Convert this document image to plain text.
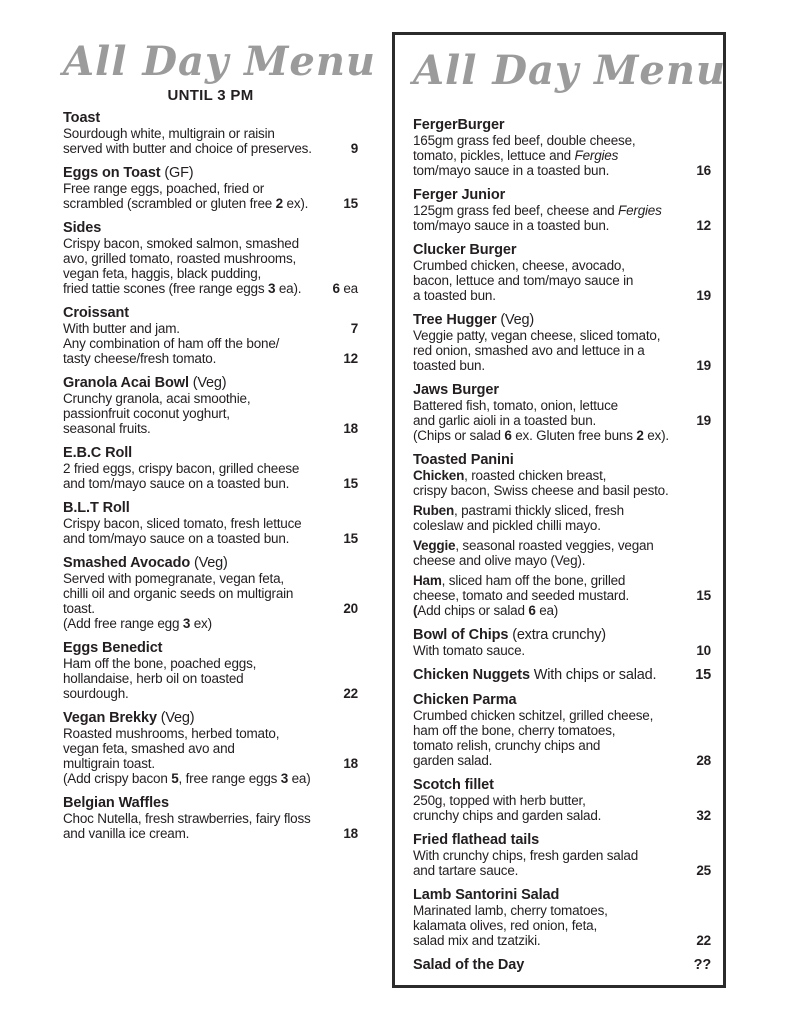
All Day Menu
UNTIL 3 PM
Toast
Sourdough white, multigrain or raisin
served with butter and choice of preserves.	9
Eggs on Toast (GF)
Free range eggs, poached, fried or
scrambled (scrambled or gluten free 2 ex).	15
Sides
Crispy bacon, smoked salmon, smashed
avo, grilled tomato, roasted mushrooms,
vegan feta, haggis, black pudding,
fried tattie scones (free range eggs 3 ea).	6 ea
Croissant
With butter and jam.	7
Any combination of ham off the bone/
tasty cheese/fresh tomato.	12
Granola Acai Bowl (Veg)
Crunchy granola, acai smoothie,
passionfruit coconut yoghurt,
seasonal fruits.	18
E.B.C Roll
2 fried eggs, crispy bacon, grilled cheese
and tom/mayo sauce on a toasted bun.	15
B.L.T Roll
Crispy bacon, sliced tomato, fresh lettuce
and tom/mayo sauce on a toasted bun.	15
Smashed Avocado (Veg)
Served with pomegranate, vegan feta,
chilli oil and organic seeds on multigrain
toast.	20
(Add free range egg 3 ex)
Eggs Benedict
Ham off the bone, poached eggs,
hollandaise, herb oil on toasted
sourdough.	22
Vegan Brekky (Veg)
Roasted mushrooms, herbed tomato,
vegan feta, smashed avo and
multigrain toast.	18
(Add crispy bacon 5, free range eggs 3 ea)
Belgian Waffles
Choc Nutella, fresh strawberries, fairy floss
and vanilla ice cream.	18
All Day Menu
FergerBurger
165gm grass fed beef, double cheese,
tomato, pickles, lettuce and Fergies
tom/mayo sauce in a toasted bun.	16
Ferger Junior
125gm grass fed beef, cheese and Fergies
tom/mayo sauce in a toasted bun.	12
Clucker Burger
Crumbed chicken, cheese, avocado,
bacon, lettuce and tom/mayo sauce in
a toasted bun.	19
Tree Hugger (Veg)
Veggie patty, vegan cheese, sliced tomato,
red onion, smashed avo and lettuce in a
toasted bun.	19
Jaws Burger
Battered fish, tomato, onion, lettuce
and garlic aioli in a toasted bun.	19
(Chips or salad 6 ex. Gluten free buns 2 ex).
Toasted Panini
Chicken, roasted chicken breast,
crispy bacon, Swiss cheese and basil pesto.
Ruben, pastrami thickly sliced, fresh
coleslaw and pickled chilli mayo.
Veggie, seasonal roasted veggies, vegan
cheese and olive mayo (Veg).
Ham, sliced ham off the bone, grilled
cheese, tomato and seeded mustard.	15
(Add chips or salad 6 ea)
Bowl of Chips (extra crunchy)
With tomato sauce.	10
Chicken Nuggets With chips or salad.	15
Chicken Parma
Crumbed chicken schitzel, grilled cheese,
ham off the bone, cherry tomatoes,
tomato relish, crunchy chips and
garden salad.	28
Scotch fillet
250g, topped with herb butter,
crunchy chips and garden salad.	32
Fried flathead tails
With crunchy chips, fresh garden salad
and tartare sauce.	25
Lamb Santorini Salad
Marinated lamb, cherry tomatoes,
kalamata olives, red onion, feta,
salad mix and tzatziki.	22
Salad of the Day	??
